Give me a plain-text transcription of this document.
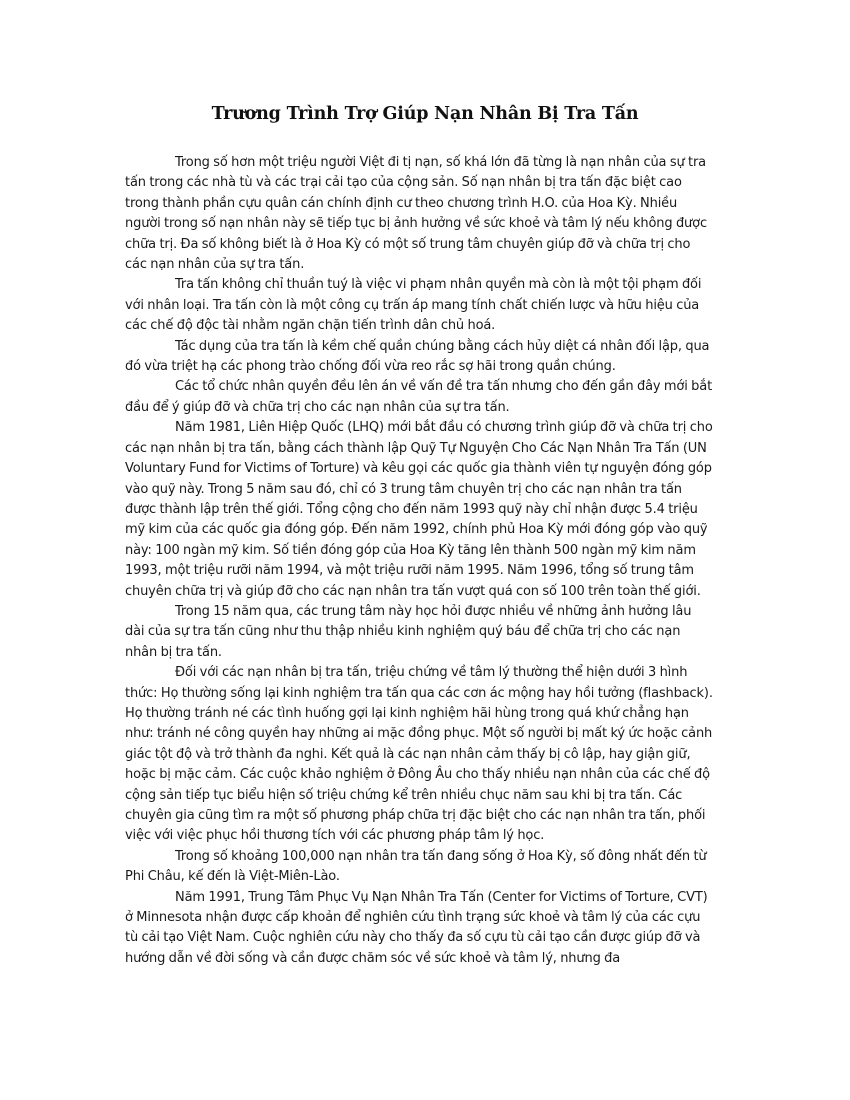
Trương Trình Trợ Giúp Nạn Nhân Bị Tra Tấn

Trong số hơn một triệu người Việt đi tị nạn, số khá lớn đã từng là nạn nhân của sự tra tấn trong các nhà tù và các trại cải tạo của cộng sản. Số nạn nhân bị tra tấn đặc biệt cao trong thành phần cựu quân cán chính định cư theo chương trình H.O. của Hoa Kỳ. Nhiều người trong số nạn nhân này sẽ tiếp tục bị ảnh hưởng về sức khoẻ và tâm lý nếu không được chữa trị. Đa số không biết là ở Hoa Kỳ có một số trung tâm chuyên giúp đỡ và chữa trị cho các nạn nhân của sự tra tấn.

Tra tấn không chỉ thuần tuý là việc vi phạm nhân quyền mà còn là một tội phạm đối với nhân loại. Tra tấn còn là một công cụ trấn áp mang tính chất chiến lược và hữu hiệu của các chế độ độc tài nhằm ngăn chặn tiến trình dân chủ hoá.

Tác dụng của tra tấn là kềm chế quần chúng bằng cách hủy diệt cá nhân đối lập, qua đó vừa triệt hạ các phong trào chống đối vừa reo rắc sợ hãi trong quần chúng.

Các tổ chức nhân quyền đều lên án về vấn đề tra tấn nhưng cho đến gần đây mới bắt đầu để ý giúp đỡ và chữa trị cho các nạn nhân của sự tra tấn.

Năm 1981, Liên Hiệp Quốc (LHQ) mới bắt đầu có chương trình giúp đỡ và chữa trị cho các nạn nhân bị tra tấn, bằng cách thành lập Quỹ Tự Nguyện Cho Các Nạn Nhân Tra Tấn (UN Voluntary Fund for Victims of Torture) và kêu gọi các quốc gia thành viên tự nguyện đóng góp vào quỹ này. Trong 5 năm sau đó, chỉ có 3 trung tâm chuyên trị cho các nạn nhân tra tấn được thành lập trên thế giới. Tổng cộng cho đến năm 1993 quỹ này chỉ nhận được 5.4 triệu mỹ kim của các quốc gia đóng góp. Đến năm 1992, chính phủ Hoa Kỳ mới đóng góp vào quỹ này: 100 ngàn mỹ kim. Số tiền đóng góp của Hoa Kỳ tăng lên thành 500 ngàn mỹ kim năm 1993, một triệu rưỡi năm 1994, và một triệu rưỡi năm 1995. Năm 1996, tổng số trung tâm chuyên chữa trị và giúp đỡ cho các nạn nhân tra tấn vượt quá con số 100 trên toàn thế giới.

Trong 15 năm qua, các trung tâm này học hỏi được nhiều về những ảnh hưởng lâu dài của sự tra tấn cũng như thu thập nhiều kinh nghiệm quý báu để chữa trị cho các nạn nhân bị tra tấn.

Đối với các nạn nhân bị tra tấn, triệu chứng về tâm lý thường thể hiện dưới 3 hình thức: Họ thường sống lại kinh nghiệm tra tấn qua các cơn ác mộng hay hồi tưởng (flashback). Họ thường tránh né các tình huống gợi lại kinh nghiệm hãi hùng trong quá khứ chẳng hạn như: tránh né công quyền hay những ai mặc đồng phục. Một số người bị mất ký ức hoặc cảnh giác tột độ và trở thành đa nghi. Kết quả là các nạn nhân cảm thấy bị cô lập, hay giận giữ, hoặc bị mặc cảm. Các cuộc khảo nghiệm ở Đông Âu cho thấy nhiều nạn nhân của các chế độ cộng sản tiếp tục biểu hiện số triệu chứng kể trên nhiều chục năm sau khi bị tra tấn. Các chuyên gia cũng tìm ra một số phương pháp chữa trị đặc biệt cho các nạn nhân tra tấn, phối việc với việc phục hồi thương tích với các phương pháp tâm lý học.

Trong số khoảng 100,000 nạn nhân tra tấn đang sống ở Hoa Kỳ, số đông nhất đến từ Phi Châu, kế đến là Việt-Miên-Lào.

Năm 1991, Trung Tâm Phục Vụ Nạn Nhân Tra Tấn (Center for Victims of Torture, CVT) ở Minnesota nhận được cấp khoản để nghiên cứu tình trạng sức khoẻ và tâm lý của các cựu tù cải tạo Việt Nam. Cuộc nghiên cứu này cho thấy đa số cựu tù cải tạo cần được giúp đỡ và hướng dẫn về đời sống và cần được chăm sóc về sức khoẻ và tâm lý, nhưng đa
